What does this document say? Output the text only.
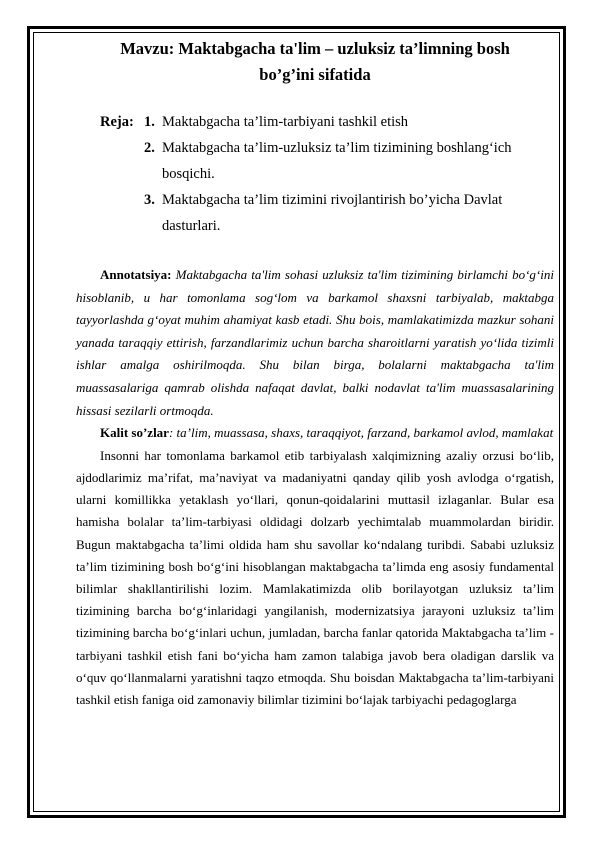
Mavzu: Maktabgacha ta'lim – uzluksiz ta’limning bosh
bo’g’ini sifatida
Reja: 1. Maktabgacha ta’lim-tarbiyani tashkil etish
2. Maktabgacha ta’lim-uzluksiz ta’lim tizimining boshlang‘ich bosqichi.
3. Maktabgacha ta’lim tizimini rivojlantirish bo’yicha Davlat dasturlari.

Annotatsiya: Maktabgacha ta'lim sohasi uzluksiz ta'lim tizimining birlamchi bo‘g‘ini hisoblanib, u har tomonlama sog‘lom va barkamol shaxsni tarbiyalab, maktabga tayyorlashda g‘oyat muhim ahamiyat kasb etadi. Shu bois, mamlakatimizda mazkur sohani yanada taraqqiy ettirish, farzandlarimiz uchun barcha sharoitlarni yaratish yo‘lida tizimli ishlar amalga oshirilmoqda. Shu bilan birga, bolalarni maktabgacha ta'lim muassasalariga qamrab olishda nafaqat davlat, balki nodavlat ta'lim muassasalarining hissasi sezilarli ortmoqda.

Kalit so’zlar: ta’lim, muassasa, shaxs, taraqqiyot, farzand, barkamol avlod, mamlakat

Insonni har tomonlama barkamol etib tarbiyalash xalqimizning azaliy orzusi bo‘lib, ajdodlarimiz ma’rifat, ma’naviyat va madaniyatni qanday qilib yosh avlodga o‘rgatish, ularni komillikka yetaklash yo‘llari, qonun-qoidalarini muttasil izlaganlar. Bular esa hamisha bolalar ta’lim-tarbiyasi oldidagi dolzarb yechimtalab muammolardan biridir. Bugun maktabgacha ta’limi oldida ham shu savollar ko‘ndalang turibdi. Sababi uzluksiz ta’lim tizimining bosh bo‘g‘ini hisoblangan maktabgacha ta’limda eng asosiy fundamental bilimlar shakllantirilishi lozim. Mamlakatimizda olib borilayotgan uzluksiz ta’lim tizimining barcha bo‘g‘inlaridagi yangilanish, modernizatsiya jarayoni uzluksiz ta’lim tizimining barcha bo‘g‘inlari uchun, jumladan, barcha fanlar qatorida Maktabgacha ta’lim - tarbiyani tashkil etish fani bo‘yicha ham zamon talabiga javob bera oladigan darslik va o‘quv qo‘llanmalarni yaratishni taqzo etmoqda. Shu boisdan Maktabgacha ta’lim-tarbiyani tashkil etish faniga oid zamonaviy bilimlar tizimini bo‘lajak tarbiyachi pedagoglarga
